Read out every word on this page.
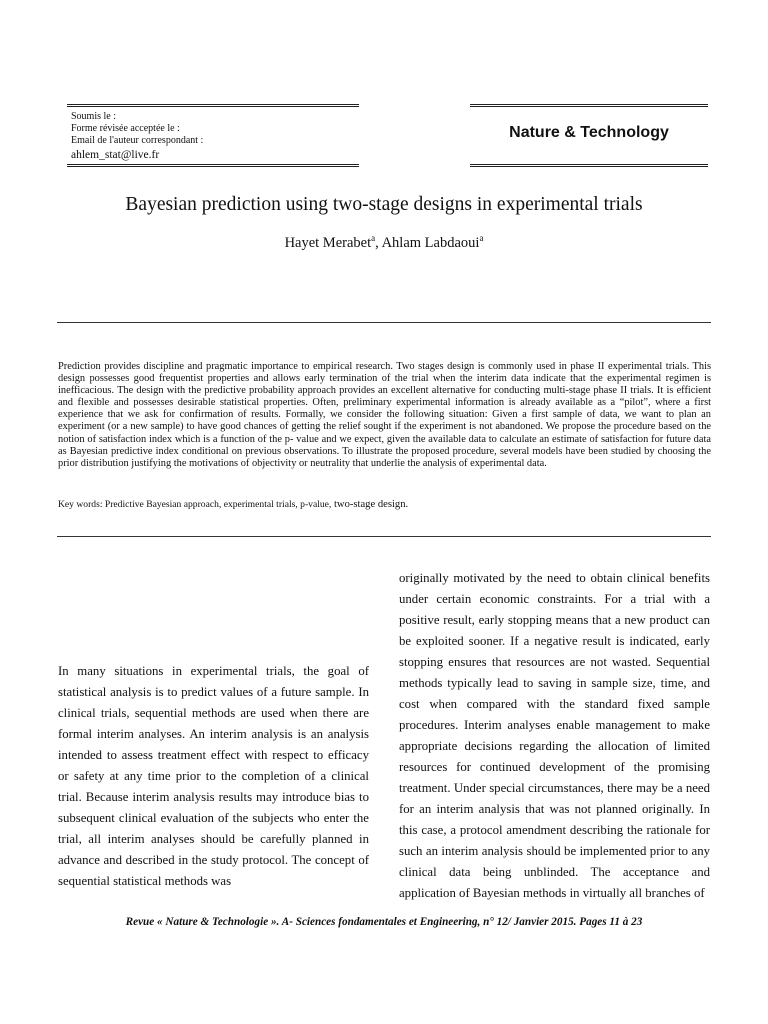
Soumis le :
Forme révisée acceptée le :
Email de l'auteur correspondant :
ahlem_stat@live.fr
Nature & Technology
Bayesian prediction using two-stage designs in experimental trials
Hayet Merabet$^a$, Ahlam Labdaoui$^a$
Prediction provides discipline and pragmatic importance to empirical research. Two stages design is commonly used in phase II experimental trials. This design possesses good frequentist properties and allows early termination of the trial when the interim data indicate that the experimental regimen is inefficacious. The design with the predictive probability approach provides an excellent alternative for conducting multi-stage phase II trials. It is efficient and flexible and possesses desirable statistical properties. Often, preliminary experimental information is already available as a “pilot”, where a first experience that we ask for confirmation of results. Formally, we consider the following situation: Given a first sample of data, we want to plan an experiment (or a new sample) to have good chances of getting the relief sought if the experiment is not abandoned. We propose the procedure based on the notion of satisfaction index which is a function of the p- value and we expect, given the available data to calculate an estimate of satisfaction for future data as Bayesian predictive index conditional on previous observations. To illustrate the proposed procedure, several models have been studied by choosing the prior distribution justifying the motivations of objectivity or neutrality that underlie the analysis of experimental data.
Key words: Predictive Bayesian approach, experimental trials, p-value, two-stage design.
In many situations in experimental trials, the goal of statistical analysis is to predict values of a future sample. In clinical trials, sequential methods are used when there are formal interim analyses. An interim analysis is an analysis intended to assess treatment effect with respect to efficacy or safety at any time prior to the completion of a clinical trial. Because interim analysis results may introduce bias to subsequent clinical evaluation of the subjects who enter the trial, all interim analyses should be carefully planned in advance and described in the study protocol. The concept of sequential statistical methods was
originally motivated by the need to obtain clinical benefits under certain economic constraints. For a trial with a positive result, early stopping means that a new product can be exploited sooner. If a negative result is indicated, early stopping ensures that resources are not wasted. Sequential methods typically lead to saving in sample size, time, and cost when compared with the standard fixed sample procedures. Interim analyses enable management to make appropriate decisions regarding the allocation of limited resources for continued development of the promising treatment. Under special circumstances, there may be a need for an interim analysis that was not planned originally. In this case, a protocol amendment describing the rationale for such an interim analysis should be implemented prior to any clinical data being unblinded. The acceptance and application of Bayesian methods in virtually all branches of
Revue « Nature & Technologie ». A- Sciences fondamentales et Engineering, n° 12/ Janvier 2015. Pages 11 à 23
